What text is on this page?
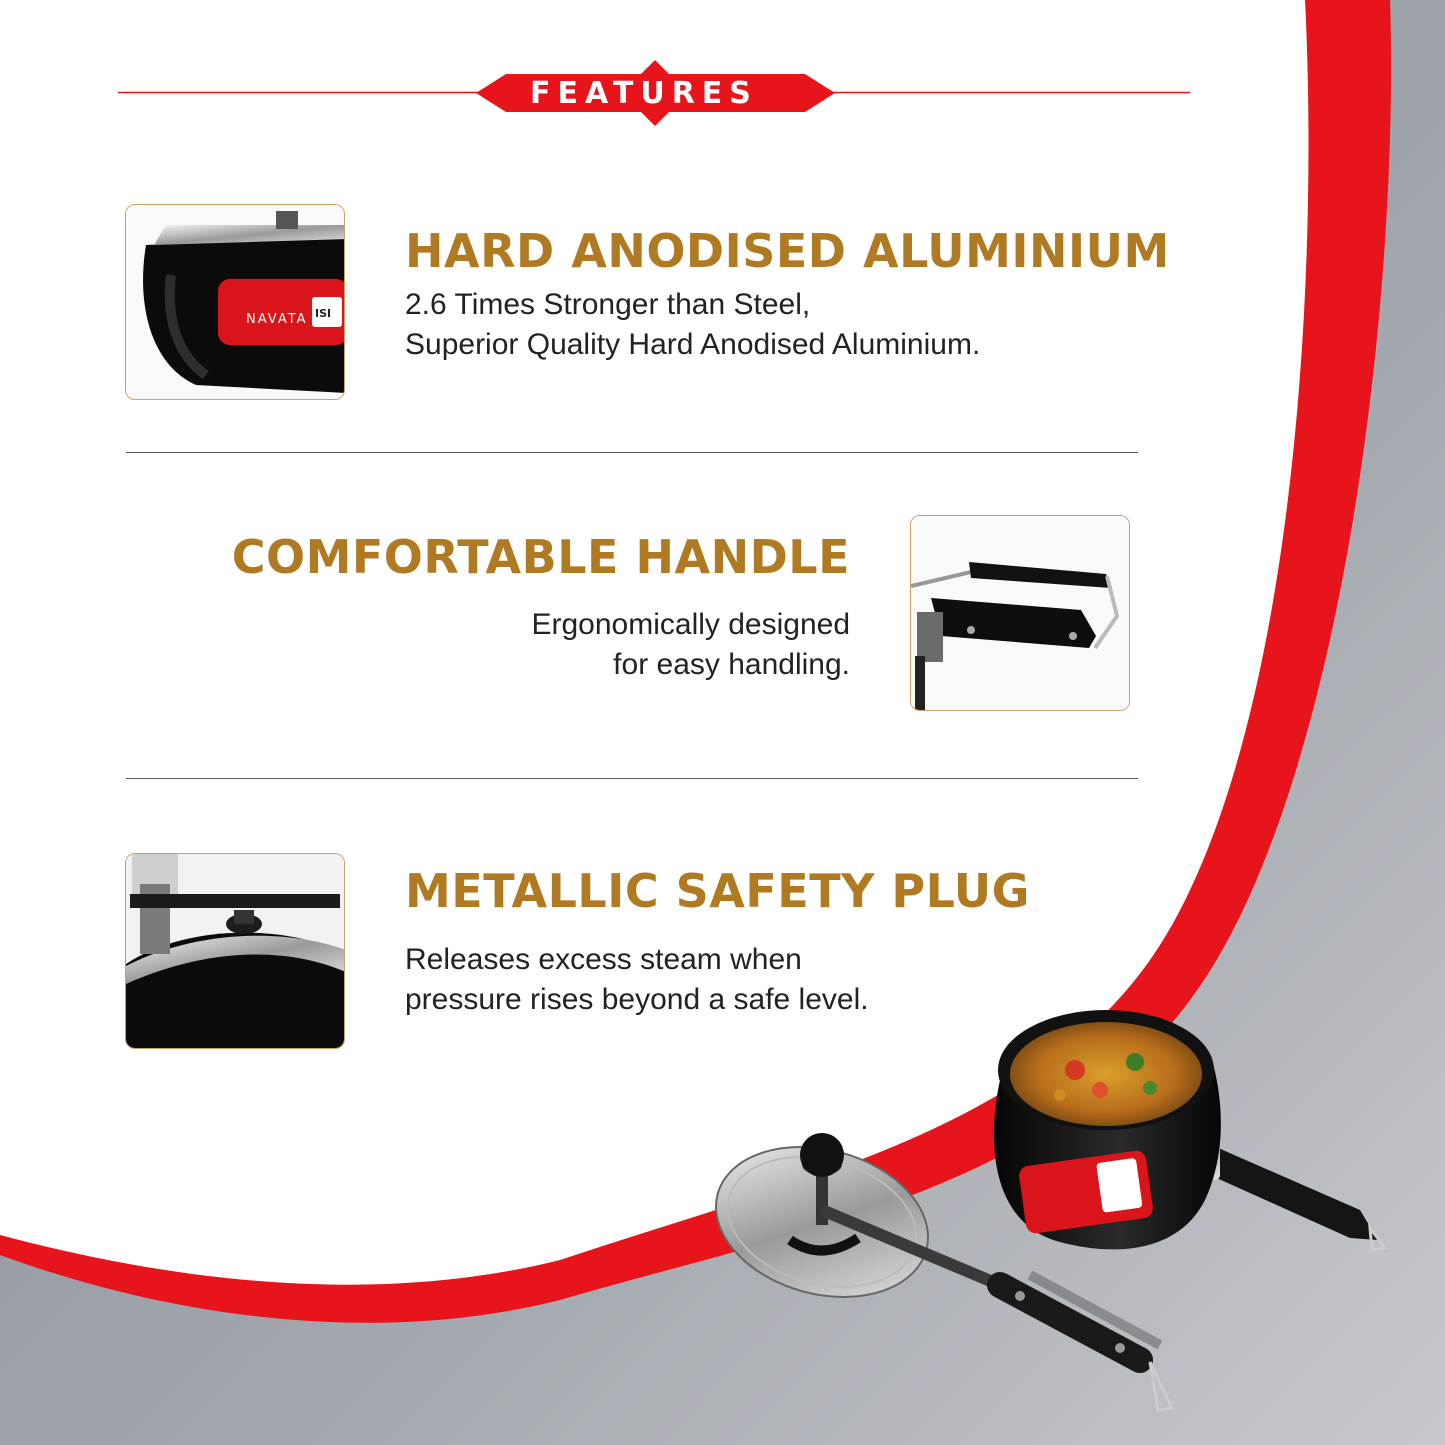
FEATURES
NAVATA ISI
HARD ANODISED ALUMINIUM
2.6 Times Stronger than Steel,
Superior Quality Hard Anodised Aluminium.
COMFORTABLE HANDLE
Ergonomically designed
for easy handling.
METALLIC SAFETY PLUG
Releases excess steam when
pressure rises beyond a safe level.
